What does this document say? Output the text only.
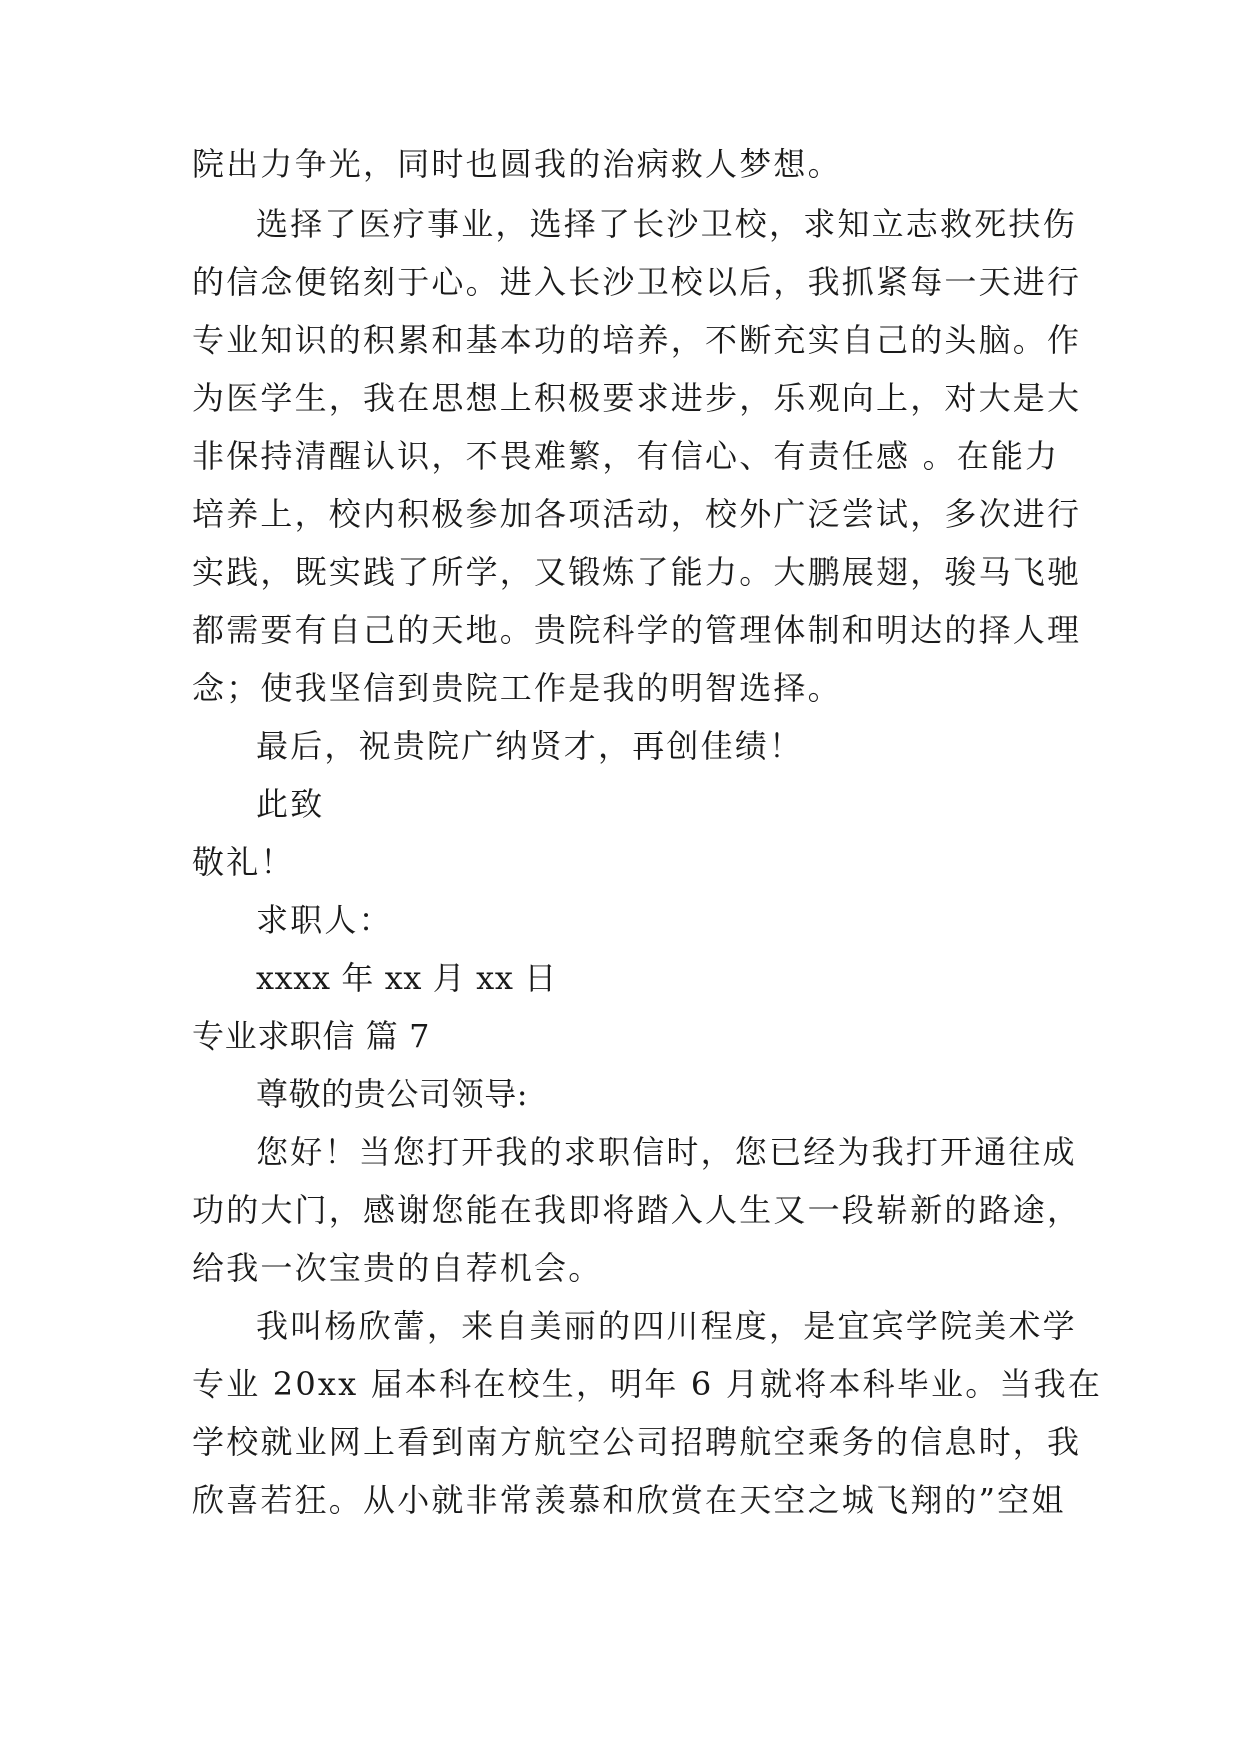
院出力争光，同时也圆我的治病救人梦想。
选择了医疗事业，选择了长沙卫校，求知立志救死扶伤
的信念便铭刻于心。进入长沙卫校以后，我抓紧每一天进行
专业知识的积累和基本功的培养，不断充实自己的头脑。作
为医学生，我在思想上积极要求进步，乐观向上，对大是大
非保持清醒认识，不畏难繁，有信心、有责任感 。在能力
培养上，校内积极参加各项活动，校外广泛尝试，多次进行
实践，既实践了所学，又锻炼了能力。大鹏展翅，骏马飞驰
都需要有自己的天地。贵院科学的管理体制和明达的择人理
念；使我坚信到贵院工作是我的明智选择。
最后，祝贵院广纳贤才，再创佳绩！
此致
敬礼！
求职人：
xxxx 年 xx 月 xx 日
专业求职信 篇 7
尊敬的贵公司领导:
您好！当您打开我的求职信时，您已经为我打开通往成
功的大门，感谢您能在我即将踏入人生又一段崭新的路途，
给我一次宝贵的自荐机会。
我叫杨欣蕾，来自美丽的四川程度，是宜宾学院美术学
专业 20xx 届本科在校生，明年 6 月就将本科毕业。当我在
学校就业网上看到南方航空公司招聘航空乘务的信息时，我
欣喜若狂。从小就非常羡慕和欣赏在天空之城飞翔的”空姐
